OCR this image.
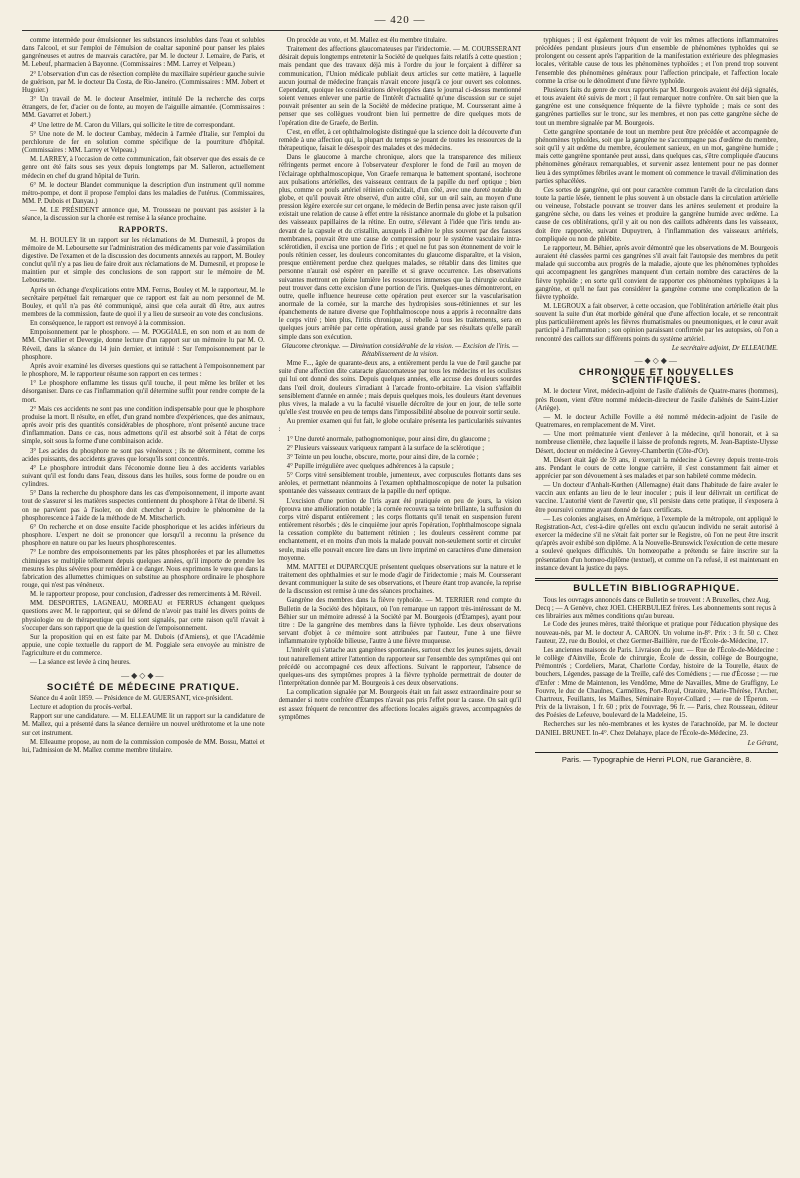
— 420 —

comme intermède pour émulsionner les substances insolubles dans l'eau et solubles dans l'alcool, et sur l'emploi de l'émulsion de coaltar saponiné pour panser les plaies gangréneuses et autres de mauvais caractère, par M. le docteur J. Lemaire, de Paris, et M. Lebeuf, pharmacien à Bayonne. (Commissaires : MM. Larrey et Velpeau.)

2° L'observation d'un cas de résection complète du maxillaire supérieur gauche suivie de guérison, par M. le docteur Da Costa, de Rio-Janeiro. (Commissaires : MM. Jobert et Huguier.)

3° Un travail de M. le docteur Anselmier, intitulé De la recherche des corps étrangers, de fer, d'acier ou de fonte, au moyen de l'aiguille aimantée. (Commissaires : MM. Gavarret et Jobert.)

4° Une lettre de M. Caron du Villars, qui sollicite le titre de correspondant.

5° Une note de M. le docteur Cambay, médecin à l'armée d'Italie, sur l'emploi du perchlorure de fer en solution comme spécifique de la pourriture d'hôpital. (Commissaires : MM. Larrey et Velpeau.)

M. LARREY, à l'occasion de cette communication, fait observer que des essais de ce genre ont été faits sous ses yeux depuis longtemps par M. Salleron, actuellement médecin en chef du grand hôpital de Turin.

6° M. le docteur Blandet communique la description d'un instrument qu'il nomme métro-pompe, et dont il propose l'emploi dans les maladies de l'utérus. (Commissaires, MM. P. Dubois et Danyau.)

— M. LE PRÉSIDENT annonce que, M. Trousseau ne pouvant pas assister à la séance, la discussion sur la chorée est remise à la séance prochaine.

RAPPORTS.

M. H. BOULEY lit un rapport sur les réclamations de M. Dumesnil, à propos du mémoire de M. Leboursette sur l'administration des médicaments par voie d'assimilation digestive. De l'examen et de la discussion des documents annexés au rapport, M. Bouley conclut qu'il n'y a pas lieu de faire droit aux réclamations de M. Dumesnil, et propose le maintien pur et simple des conclusions de son rapport sur le mémoire de M. Leboursette.

Après un échange d'explications entre MM. Ferrus, Bouley et M. le rapporteur, M. le secrétaire perpétuel fait remarquer que ce rapport est fait au nom personnel de M. Bouley, et qu'il n'a pas été communiqué, ainsi que cela aurait dû être, aux autres membres de la commission, faute de quoi il y a lieu de surseoir au vote des conclusions.

En conséquence, le rapport est renvoyé à la commission.

Empoisonnement par le phosphore. — M. POGGIALE, en son nom et au nom de MM. Chevallier et Devergie, donne lecture d'un rapport sur un mémoire lu par M. O. Réveil, dans la séance du 14 juin dernier, et intitulé : Sur l'empoisonnement par le phosphore.

Après avoir examiné les diverses questions qui se rattachent à l'empoisonnement par le phosphore, M. le rapporteur résume son rapport en ces termes :

1° Le phosphore enflamme les tissus qu'il touche, il peut même les brûler et les désorganiser. Dans ce cas l'inflammation qu'il détermine suffit pour rendre compte de la mort.

2° Mais ces accidents ne sont pas une condition indispensable pour que le phosphore produise la mort. Il résulte, en effet, d'un grand nombre d'expériences, que des animaux, après avoir pris des quantités considérables de phosphore, n'ont présenté aucune trace d'inflammation. Dans ce cas, nous admettons qu'il est absorbé soit à l'état de corps simple, soit sous la forme d'une combinaison acide.

3° Les acides du phosphore ne sont pas vénéneux ; ils ne déterminent, comme les acides puissants, des accidents graves que lorsqu'ils sont concentrés.

4° Le phosphore introduit dans l'économie donne lieu à des accidents variables suivant qu'il est fondu dans l'eau, dissous dans les huiles, sous forme de poudre ou en cylindres.

5° Dans la recherche du phosphore dans les cas d'empoisonnement, il importe avant tout de s'assurer si les matières suspectes contiennent du phosphore à l'état de liberté. Si on ne parvient pas à l'isoler, on doit chercher à produire le phénomène de la phosphorescence à l'aide de la méthode de M. Mitscherlich.

6° On recherche et on dose ensuite l'acide phosphorique et les acides inférieurs du phosphore. L'expert ne doit se prononcer que lorsqu'il a reconnu la présence du phosphore en nature ou par les lueurs phosphorescentes.

7° Le nombre des empoisonnements par les pâtes phosphorées et par les allumettes chimiques se multiplie tellement depuis quelques années, qu'il importe de prendre les mesures les plus sévères pour remédier à ce danger. Nous exprimons le vœu que dans la fabrication des allumettes chimiques on substitue au phosphore ordinaire le phosphore rouge, qui n'est pas vénéneux.

M. le rapporteur propose, pour conclusion, d'adresser des remerciments à M. Réveil.

MM. DESPORTES, LAGNEAU, MOREAU et FERRUS échangent quelques questions avec M. le rapporteur, qui se défend de n'avoir pas traité les divers points de physiologie ou de thérapeutique qui lui sont signalés, par cette raison qu'il n'avait à s'occuper dans son rapport que de la question de l'empoisonnement.

Sur la proposition qui en est faite par M. Dubois (d'Amiens), et que l'Académie appuie, une copie textuelle du rapport de M. Poggiale sera envoyée au ministre de l'agriculture et du commerce.

— La séance est levée à cinq heures.

—◆◇◆—
SOCIÉTÉ DE MÉDECINE PRATIQUE.

Séance du 4 août 1859. — Présidence de M. GUERSANT, vice-président.

Lecture et adoption du procès-verbal.

Rapport sur une candidature. — M. ELLEAUME lit un rapport sur la candidature de M. Mallez, qui a présenté dans la séance dernière un nouvel uréthrotome et la une note sur cet instrument.

M. Elleaume propose, au nom de la commission composée de MM. Bossu, Mattei et lui, l'admission de M. Mallez comme membre titulaire.

On procède au vote, et M. Mallez est élu membre titulaire.

Traitement des affections glaucomateuses par l'iridectomie. — M. COURSSERANT désirait depuis longtemps entretenir la Société de quelques faits relatifs à cette question ; mais pendant que des travaux déjà mis à l'ordre du jour le forçaient à différer sa communication, l'Union médicale publiait deux articles sur cette matière, à laquelle aucun journal de médecine français n'avait encore jusqu'à ce jour ouvert ses colonnes. Cependant, quoique les considérations développées dans le journal ci-dessus mentionné soient venues enlever une partie de l'intérêt d'actualité qu'une discussion sur ce sujet pouvait présenter au sein de la Société de médecine pratique, M. Coursserant aime à penser que ses collègues voudront bien lui permettre de dire quelques mots de l'opération dite de Graefe, de Berlin.

C'est, en effet, à cet ophthalmologiste distingué que la science doit la découverte d'un remède à une affection qui, la plupart du temps se jouant de toutes les ressources de la thérapeutique, faisait le désespoir des malades et des médecins.

Dans le glaucome à marche chronique, alors que la transparence des milieux réfringents permet encore à l'observateur d'explorer le fond de l'œil au moyen de l'éclairage ophthalmoscopique, Von Graefe remarqua le battement spontané, isochrone aux pulsations artérielles, des vaisseaux centraux de la papille du nerf optique ; bien plus, comme ce pouls artériel rétinien coïncidait, d'un côté, avec une dureté notable du globe, et qu'il pouvait être observé, d'un autre côté, sur un œil sain, au moyen d'une pression légère exercée sur cet organe, le médecin de Berlin pensa avec juste raison qu'il existait une relation de cause à effet entre la résistance anormale du globe et la pulsation des vaisseaux papillaires de la rétine. En outre, s'élevant à l'idée que l'iris tendu au-devant de la capsule et du cristallin, auxquels il adhère le plus souvent par des fausses membranes, pouvait être une cause de compression pour le système vasculaire intra-sclérotidien, il excisa une portion de l'iris ; et quel ne fut pas son étonnement de voir le pouls rétinien cesser, les douleurs concomitantes du glaucome disparaître, et la vision, presque entièrement perdue chez quelques malades, se rétablir dans des limites que personne n'aurait osé espérer en pareille et si grave occurrence. Les observations suivantes mettront en pleine lumière les ressources immenses que la chirurgie oculaire peut trouver dans cette excision d'une portion de l'iris. Quelques-unes démontreront, en outre, quelle influence heureuse cette opération peut exercer sur la vascularisation anormale de la cornée, sur la marche des hydropisies sous-rétiniennes et sur les épanchements de nature diverse que l'ophthalmoscope nous a appris à reconnaître dans le corps vitré ; bien plus, l'iritis chronique, si rebelle à tous les traitements, sera en quelques jours arrêtée par cette opération, aussi grande par ses résultats qu'elle paraît simple dans son exécution.

Glaucome chronique. — Diminution considérable de la vision. — Excision de l'iris. — Rétablissement de la vision.

Mme F..., âgée de quarante-deux ans, a entièrement perdu la vue de l'œil gauche par suite d'une affection dite cataracte glaucomateuse par tous les médecins et les oculistes qui lui ont donné des soins. Depuis quelques années, elle accuse des douleurs sourdes dans l'œil droit, douleurs s'irradiant à l'arcade fronto-orbitaire. La vision s'affaiblit sensiblement d'année en année ; mais depuis quelques mois, les douleurs étant devenues plus vives, la malade a vu la faculté visuelle décroître de jour en jour, de telle sorte qu'elle s'est trouvée en peu de temps dans l'impossibilité absolue de pouvoir sortir seule.

Au premier examen qui fut fait, le globe oculaire présenta les particularités suivantes :

1° Une dureté anormale, pathognomonique, pour ainsi dire, du glaucome ;

2° Plusieurs vaisseaux variqueux rampant à la surface de la sclérotique ;

3° Teinte un peu louche, obscure, morte, pour ainsi dire, de la cornée ;

4° Pupille irrégulière avec quelques adhérences à la capsule ;

5° Corps vitré sensiblement trouble, jumenteux, avec corpuscules flottants dans ses aréoles, et permettant néanmoins à l'examen ophthalmoscopique de noter la pulsation spontanée des vaisseaux centraux de la papille du nerf optique.

L'excision d'une portion de l'iris ayant été pratiquée en peu de jours, la vision éprouva une amélioration notable ; la cornée recouvra sa teinte brillante, la suffusion du corps vitré disparut entièrement ; les corps flottants qu'il tenait en suspension furent entièrement résorbés ; dès le cinquième jour après l'opération, l'ophthalmoscope signala la cessation complète du battement rétinien ; les douleurs cessèrent comme par enchantement, et en moins d'un mois la malade pouvait non-seulement sortir et circuler seule, mais elle pouvait encore lire dans un livre imprimé en caractères d'une dimension moyenne.

MM. MATTEI et DUPARCQUE présentent quelques observations sur la nature et le traitement des ophthalmies et sur le mode d'agir de l'iridectomie ; mais M. Coursserant devant communiquer la suite de ses observations, et l'heure étant trop avancée, la reprise de la discussion est remise à une des séances prochaines.

Gangrène des membres dans la fièvre typhoïde. — M. TERRIER rend compte du Bulletin de la Société des hôpitaux, où l'on remarque un rapport très-intéressant de M. Béhier sur un mémoire adressé à la Société par M. Bourgeois (d'Étampes), ayant pour titre : De la gangrène des membres dans la fièvre typhoïde. Les deux observations servant d'objet à ce mémoire sont attribuées par l'auteur, l'une à une fièvre inflammatoire typhoïde bilieuse, l'autre à une fièvre muqueuse.

L'intérêt qui s'attache aux gangrènes spontanées, surtout chez les jeunes sujets, devait tout naturellement attirer l'attention du rapporteur sur l'ensemble des symptômes qui ont précédé ou accompagné ces deux affections. Suivant le rapporteur, l'absence de quelques-uns des symptômes propres à la fièvre typhoïde permettrait de douter de l'interprétation donnée par M. Bourgeois à ces deux observations.

La complication signalée par M. Bourgeois était un fait assez extraordinaire pour se demander si notre confrère d'Étampes n'avait pas pris l'effet pour la cause. On sait qu'il est assez fréquent de rencontrer des affections locales aiguës graves, accompagnées de symptômes

typhiques ; il est également fréquent de voir les mêmes affections inflammatoires précédées pendant plusieurs jours d'un ensemble de phénomènes typhoïdes qui se prolongent ou cessent après l'apparition de la manifestation extérieure des phlegmasies locales, véritable cause de tous les phénomènes typhoïdes ; et l'on prend trop souvent l'ensemble des phénomènes généraux pour l'affection principale, et l'affection locale comme la crise ou le dénoûment d'une fièvre typhoïde.

Plusieurs faits du genre de ceux rapportés par M. Bourgeois avaient été déjà signalés, et tous avaient été suivis de mort ; il faut remarquer notre confrère. On sait bien que la gangrène est une conséquence fréquente de la fièvre typhoïde ; mais ce sont des gangrènes partielles sur le tronc, sur les membres, et non pas cette gangrène sèche de tout un membre signalée par M. Bourgeois.

Cette gangrène spontanée de tout un membre peut être précédée et accompagnée de phénomènes typhoïdes, soit que la gangrène ne s'accompagne pas d'œdème du membre, soit qu'il y ait œdème du membre, écoulement sanieux, en un mot, gangrène humide ; mais cette gangrène spontanée peut aussi, dans quelques cas, s'être compliquée d'aucuns phénomènes généraux remarquables, et survenir assez lentement pour ne pas donner lieu à des symptômes fébriles avant le moment où commence le travail d'élimination des parties sphacélées.

Ces sortes de gangrène, qui ont pour caractère commun l'arrêt de la circulation dans toute la partie lésée, tiennent le plus souvent à un obstacle dans la circulation artérielle ou veineuse, l'obstacle pouvant se trouver dans les artères seulement et produire la gangrène sèche, ou dans les veines et produire la gangrène humide avec œdème. La cause de ces oblitérations, qu'il y ait ou non des caillots adhérents dans les vaisseaux, doit être rapportée, suivant Dupuytren, à l'inflammation des vaisseaux artériels, compliquée ou non de phlébite.

Le rapporteur, M. Béhier, après avoir démontré que les observations de M. Bourgeois auraient été classées parmi ces gangrènes s'il avait fait l'autopsie des membres du petit malade qui succomba aux progrès de la maladie, ajoute que les phénomènes typhoïdes qui accompagnent les gangrènes manquent d'un certain nombre des caractères de la fièvre typhoïde ; en sorte qu'il convient de rapporter ces phénomènes typhoïques à la gangrène, et qu'il ne faut pas considérer la gangrène comme une complication de la fièvre typhoïde.

M. LEGROUX a fait observer, à cette occasion, que l'oblitération artérielle était plus souvent la suite d'un état morbide général que d'une affection locale, et se rencontrait plus particulièrement après les fièvres rhumatismales ou pneumoniques, et le cœur avait participé à l'inflammation ; son opinion paraissant confirmée par les autopsies, où l'on a rencontré des caillots sur différents points du système artériel.

Le secrétaire adjoint, Dr ELLEAUME.

—◆◇◆—
CHRONIQUE ET NOUVELLES SCIENTIFIQUES.

M. le docteur Viret, médecin-adjoint de l'asile d'aliénés de Quatre-mares (hommes), près Rouen, vient d'être nommé médecin-directeur de l'asile d'aliénés de Saint-Lizier (Ariège).

— M. le docteur Achille Foville a été nommé médecin-adjoint de l'asile de Quatremares, en remplacement de M. Viret.

— Une mort prématurée vient d'enlever à la médecine, qu'il honorait, et à sa nombreuse clientèle, chez laquelle il laisse de profonds regrets, M. Jean-Baptiste-Ulysse Désert, docteur en médecine à Gevrey-Chambertin (Côte-d'Or).

M. Désert était âgé de 59 ans, il exerçait la médecine à Gevrey depuis trente-trois ans. Pendant le cours de cette longue carrière, il s'est constamment fait aimer et apprécier par son dévouement à ses malades et par son habileté comme médecin.

— Un docteur d'Anhalt-Kœthen (Allemagne) était dans l'habitude de faire avaler le vaccin aux enfants au lieu de le leur inoculer ; puis il leur délivrait un certificat de vaccine. L'autorité vient de l'avertir que, s'il persiste dans cette pratique, il s'exposera à être poursuivi comme ayant donné de faux certificats.

— Les colonies anglaises, en Amérique, à l'exemple de la métropole, ont appliqué le Registration-Act, c'est-à-dire qu'elles ont exclu qu'aucun individu ne serait autorisé à exercer la médecine s'il ne s'était fait porter sur le Registre, où l'on ne peut être inscrit qu'après avoir exhibé son diplôme. A la Nouvelle-Brunswick l'exécution de cette mesure a soulevé quelques difficultés. Un homœopathe a prétendu se faire inscrire sur la présentation d'un homœo-diplôme (textuel), et comme on l'a refusé, il est maintenant en instance devant la justice du pays.

BULLETIN BIBLIOGRAPHIQUE.

Tous les ouvrages annoncés dans ce Bulletin se trouvent : A Bruxelles, chez Aug. Decq ; — A Genève, chez JOEL CHERBULIEZ frères. Les abonnements sont reçus à ces librairies aux mêmes conditions qu'au bureau.

Le Code des jeunes mères, traité théorique et pratique pour l'éducation physique des nouveau-nés, par M. le docteur A. CARON. Un volume in-8°. Prix : 3 fr. 50 c. Chez l'auteur, 22, rue du Bouloi, et chez Germer-Baillière, rue de l'École-de-Médecine, 17.

Les anciennes maisons de Paris. Livraison du jour. — Rue de l'École-de-Médecine : le collège d'Ainville, École de chirurgie, École de dessin, collège de Bourgogne, Prémontrés ; Cordeliers, Marat, Charlotte Corday, histoire de la Tourelle, étaux de bouchers, Légendes, passage de la Treille, café des Comédiens ; — rue d'Écosse ; — rue d'Enfer : Mme de Maintenon, les Vendôme, Mme de Navailles, Mme de Graffigny, Le Fouvre, le duc de Chaulnes, Carmélites, Port-Royal, Oratoire, Marie-Thérèse, l'Archer, Chartreux, Feuillants, les Mailhes, Séminaire Royer-Collard ; — rue de l'Éperon. — Prix de la livraison, 1 fr. 60 ; prix de l'ouvrage, 96 fr. — Paris, chez Rousseau, éditeur des Poésies de Lefeuve, boulevard de la Madeleine, 15.

Recherches sur les néo-membranes et les kystes de l'arachnoïde, par M. le docteur DANIEL BRUNET. In-4°. Chez Delahaye, place de l'École-de-Médecine, 23.

Le Gérant,
Paris. — Typographie de Henri PLON, rue Garancière, 8.
